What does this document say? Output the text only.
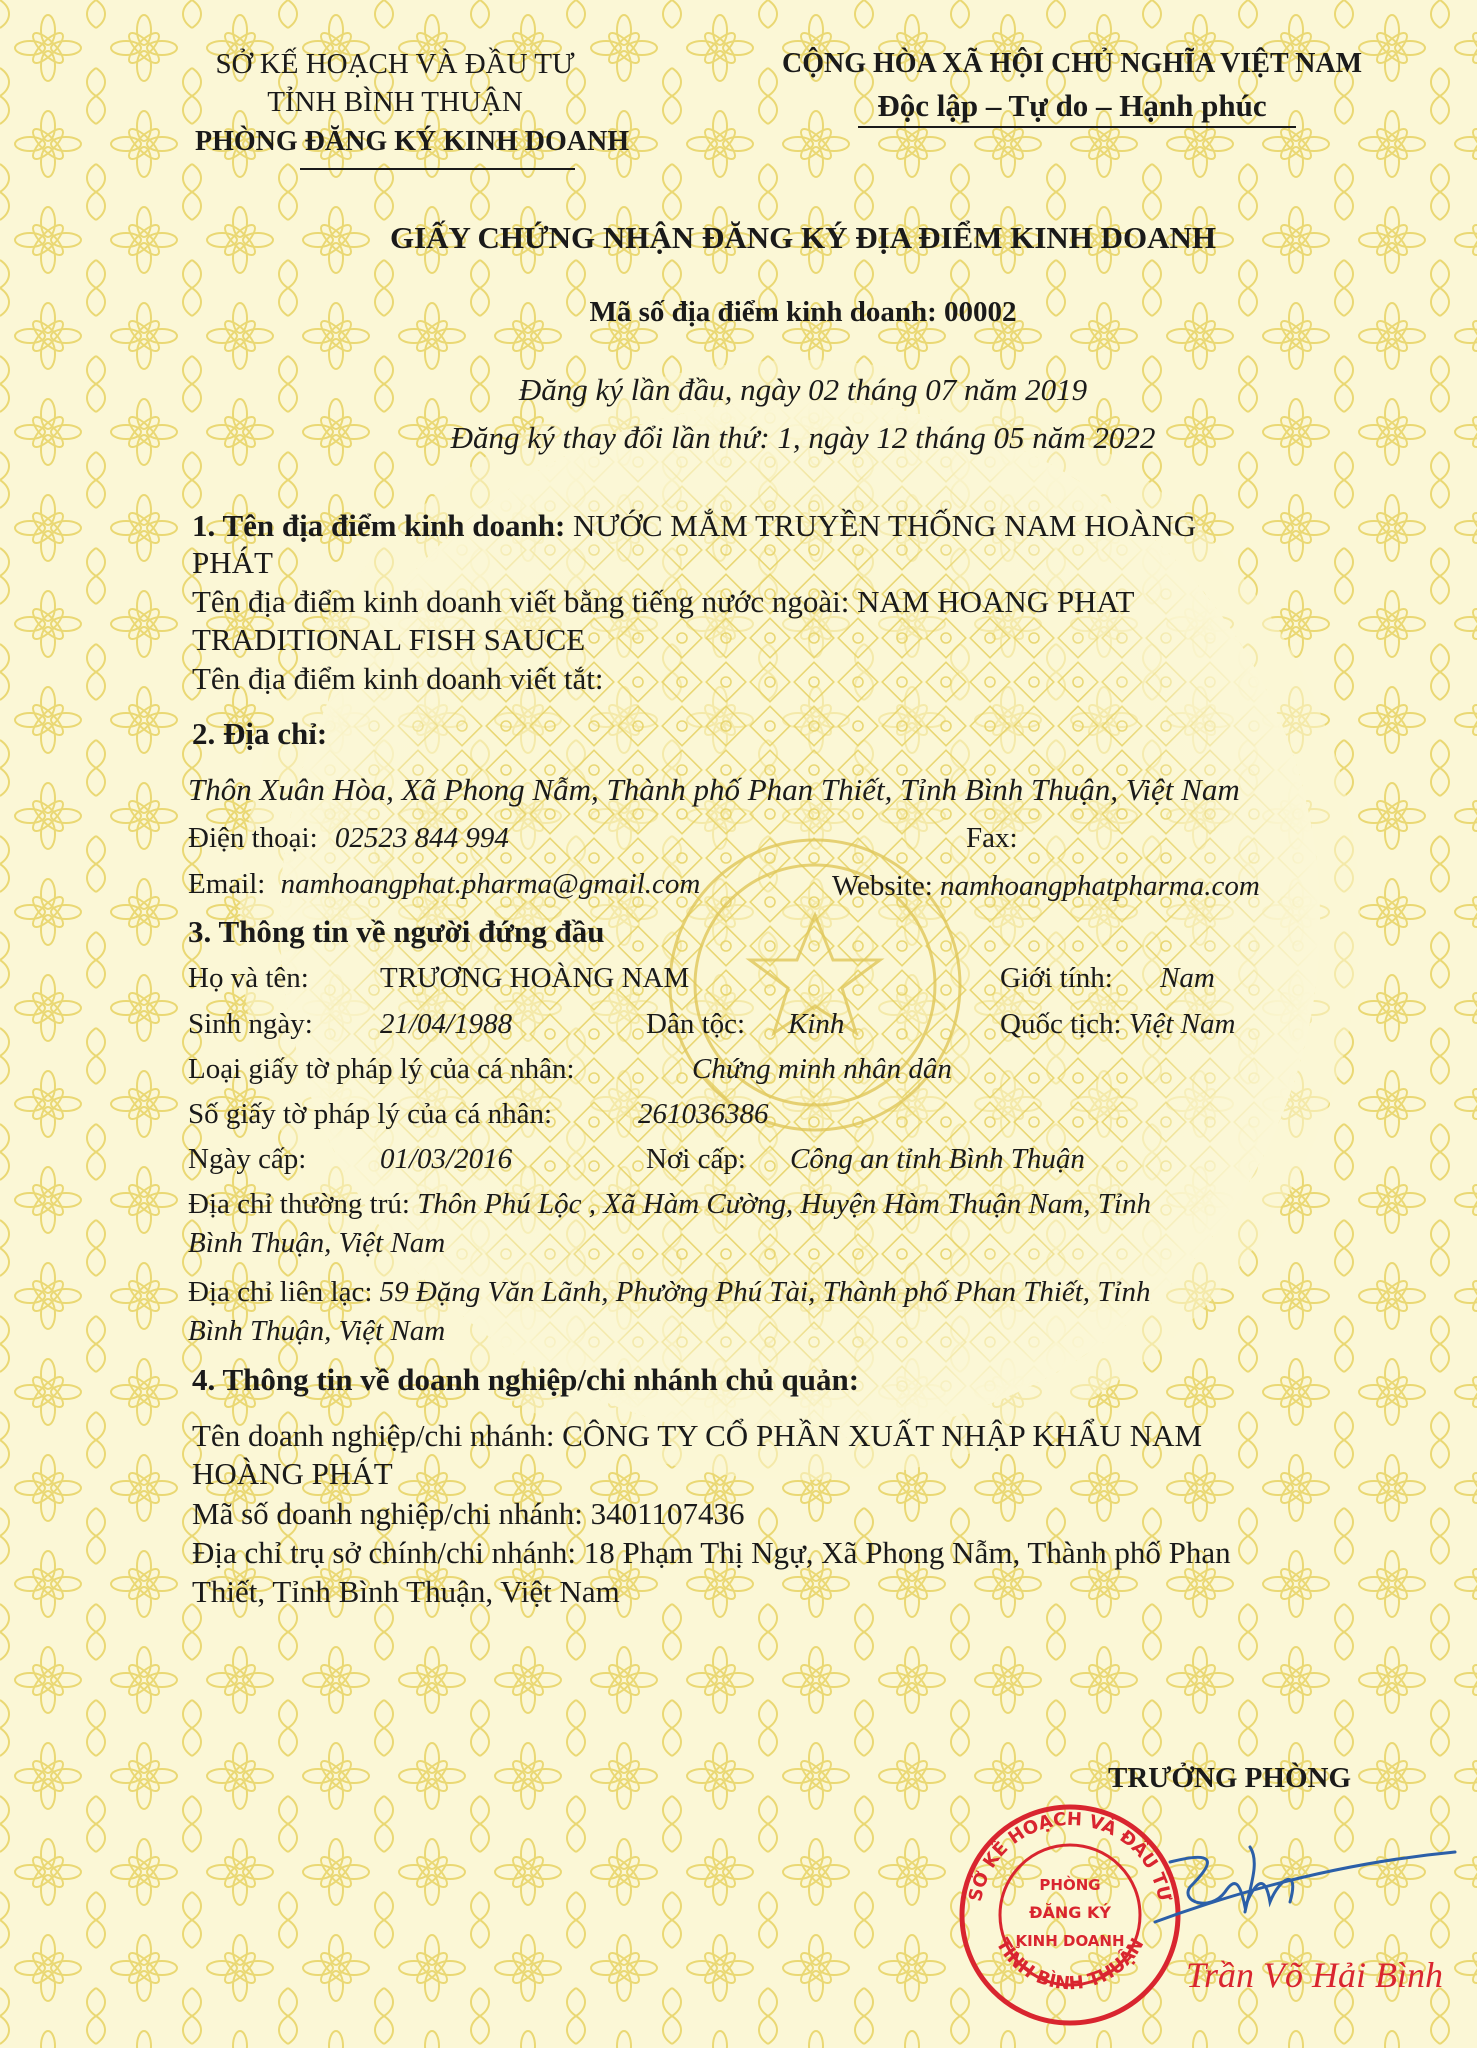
SỞ KẾ HOẠCH VÀ ĐẦU TƯ
TỈNH BÌNH THUẬN
PHÒNG ĐĂNG KÝ KINH DOANH
CỘNG HÒA XÃ HỘI CHỦ NGHĨA VIỆT NAM
Độc lập – Tự do – Hạnh phúc
GIẤY CHỨNG NHẬN ĐĂNG KÝ ĐỊA ĐIỂM KINH DOANH
Mã số địa điểm kinh doanh: 00002
Đăng ký lần đầu, ngày 02 tháng 07 năm 2019
Đăng ký thay đổi lần thứ: 1, ngày 12 tháng 05 năm 2022
1. Tên địa điểm kinh doanh: NƯỚC MẮM TRUYỀN THỐNG NAM HOÀNG
PHÁT
Tên địa điểm kinh doanh viết bằng tiếng nước ngoài: NAM HOANG PHAT
TRADITIONAL FISH SAUCE
Tên địa điểm kinh doanh viết tắt:
2. Địa chỉ:
Thôn Xuân Hòa, Xã Phong Nẫm, Thành phố Phan Thiết, Tỉnh Bình Thuận, Việt Nam
Điện thoại: 02523 844 994	Fax:
Email: namhoangphat.pharma@gmail.com	Website: namhoangphatpharma.com
3. Thông tin về người đứng đầu
Họ và tên: TRƯƠNG HOÀNG NAM	Giới tính: Nam
Sinh ngày: 21/04/1988	Dân tộc: Kinh	Quốc tịch: Việt Nam
Loại giấy tờ pháp lý của cá nhân:	Chứng minh nhân dân
Số giấy tờ pháp lý của cá nhân:	261036386
Ngày cấp:	01/03/2016	Nơi cấp: Công an tỉnh Bình Thuận
Địa chỉ thường trú: Thôn Phú Lộc , Xã Hàm Cường, Huyện Hàm Thuận Nam, Tỉnh
Bình Thuận, Việt Nam
Địa chỉ liên lạc: 59 Đặng Văn Lãnh, Phường Phú Tài, Thành phố Phan Thiết, Tỉnh
Bình Thuận, Việt Nam
4. Thông tin về doanh nghiệp/chi nhánh chủ quản:
Tên doanh nghiệp/chi nhánh: CÔNG TY CỔ PHẦN XUẤT NHẬP KHẨU NAM
HOÀNG PHÁT
Mã số doanh nghiệp/chi nhánh: 3401107436
Địa chỉ trụ sở chính/chi nhánh: 18 Phạm Thị Ngự, Xã Phong Nẫm, Thành phố Phan
Thiết, Tỉnh Bình Thuận, Việt Nam
TRƯỞNG PHÒNG
SỞ KẾ HOẠCH VÀ ĐẦU TƯ
TỈNH BÌNH THUẬN
PHÒNG
ĐĂNG KÝ
KINH DOANH
Trần Võ Hải Bình
